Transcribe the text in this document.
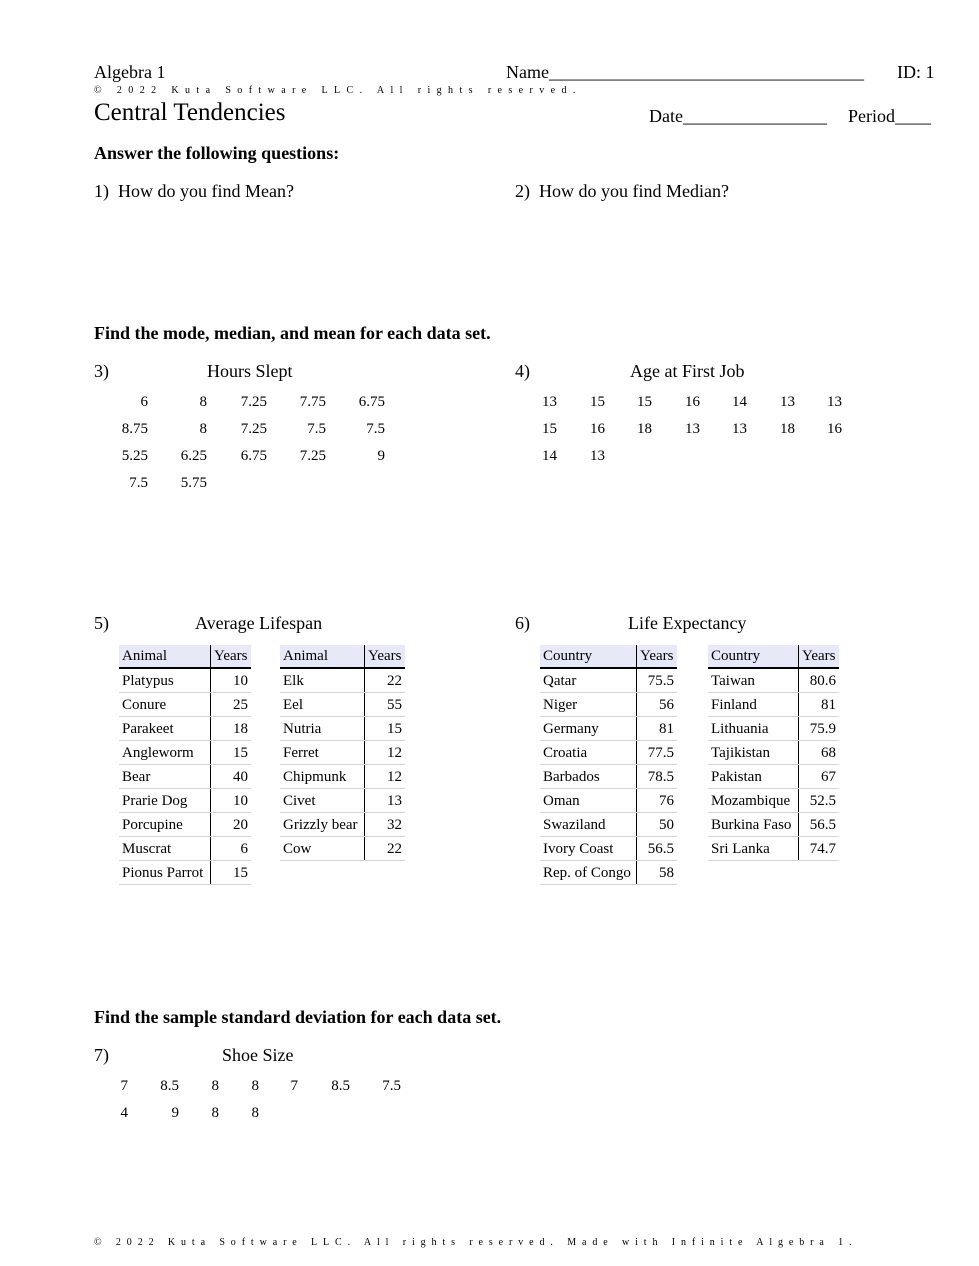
Algebra 1	Name___________________________________ ID: 1
© 2022 Kuta Software LLC. All rights reserved.
Central Tendencies	Date________________ Period____
Answer the following questions:
1) How do you find Mean?	2) How do you find Median?
Find the mode, median, and mean for each data set.
3)	Hours Slept
6	8	7.25	7.75	6.75
8.75	8	7.25	7.5	7.5
5.25	6.25	6.75	7.25	9
7.5	5.75
4)	Age at First Job
13	15	15	16	14	13	13
15	16	18	13	13	18	16
14	13
5)	Average Lifespan
Animal	Years
Platypus	10
Conure	25
Parakeet	18
Angleworm	15
Bear	40
Prarie Dog	10
Porcupine	20
Muscrat	6
Pionus Parrot	15
Animal	Years
Elk	22
Eel	55
Nutria	15
Ferret	12
Chipmunk	12
Civet	13
Grizzly bear	32
Cow	22
6)	Life Expectancy
Country	Years
Qatar	75.5
Niger	56
Germany	81
Croatia	77.5
Barbados	78.5
Oman	76
Swaziland	50
Ivory Coast	56.5
Rep. of Congo	58
Country	Years
Taiwan	80.6
Finland	81
Lithuania	75.9
Tajikistan	68
Pakistan	67
Mozambique	52.5
Burkina Faso	56.5
Sri Lanka	74.7
Find the sample standard deviation for each data set.
7)	Shoe Size
7	8.5	8	8	7	8.5	7.5
4	9	8	8
© 2022 Kuta Software LLC. All rights reserved. Made with Infinite Algebra 1.
